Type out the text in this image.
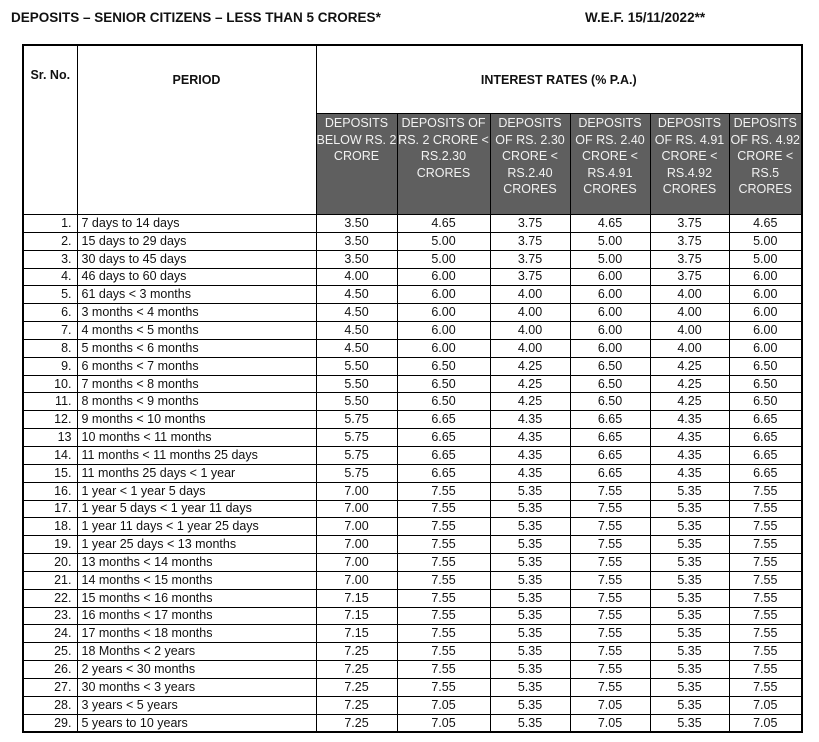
DEPOSITS – SENIOR CITIZENS – LESS THAN 5 CRORES*	W.E.F. 15/11/2022**
Sr. No.	PERIOD	INTEREST RATES (% P.A.)					
		DEPOSITS BELOW RS. 2 CRORE	DEPOSITS OF RS. 2 CRORE < RS.2.30 CRORES	DEPOSITS OF RS. 2.30 CRORE < RS.2.40 CRORES	DEPOSITS OF RS. 2.40 CRORE < RS.4.91 CRORES	DEPOSITS OF RS. 4.91 CRORE < RS.4.92 CRORES	DEPOSITS OF RS. 4.92 CRORE < RS.5 CRORES
1.	7 days to 14 days	3.50	4.65	3.75	4.65	3.75	4.65
2.	15 days to 29 days	3.50	5.00	3.75	5.00	3.75	5.00
3.	30 days to 45 days	3.50	5.00	3.75	5.00	3.75	5.00
4.	46 days to 60 days	4.00	6.00	3.75	6.00	3.75	6.00
5.	61 days < 3 months	4.50	6.00	4.00	6.00	4.00	6.00
6.	3 months < 4 months	4.50	6.00	4.00	6.00	4.00	6.00
7.	4 months < 5 months	4.50	6.00	4.00	6.00	4.00	6.00
8.	5 months < 6 months	4.50	6.00	4.00	6.00	4.00	6.00
9.	6 months < 7 months	5.50	6.50	4.25	6.50	4.25	6.50
10.	7 months < 8 months	5.50	6.50	4.25	6.50	4.25	6.50
11.	8 months < 9 months	5.50	6.50	4.25	6.50	4.25	6.50
12.	9 months < 10 months	5.75	6.65	4.35	6.65	4.35	6.65
13	10 months < 11 months	5.75	6.65	4.35	6.65	4.35	6.65
14.	11 months < 11 months 25 days	5.75	6.65	4.35	6.65	4.35	6.65
15.	11 months 25 days < 1 year	5.75	6.65	4.35	6.65	4.35	6.65
16.	1 year < 1 year 5 days	7.00	7.55	5.35	7.55	5.35	7.55
17.	1 year 5 days < 1 year 11 days	7.00	7.55	5.35	7.55	5.35	7.55
18.	1 year 11 days < 1 year 25 days	7.00	7.55	5.35	7.55	5.35	7.55
19.	1 year 25 days < 13 months	7.00	7.55	5.35	7.55	5.35	7.55
20.	13 months < 14 months	7.00	7.55	5.35	7.55	5.35	7.55
21.	14 months < 15 months	7.00	7.55	5.35	7.55	5.35	7.55
22.	15 months < 16 months	7.15	7.55	5.35	7.55	5.35	7.55
23.	16 months < 17 months	7.15	7.55	5.35	7.55	5.35	7.55
24.	17 months < 18 months	7.15	7.55	5.35	7.55	5.35	7.55
25.	18 Months < 2 years	7.25	7.55	5.35	7.55	5.35	7.55
26.	2 years < 30 months	7.25	7.55	5.35	7.55	5.35	7.55
27.	30 months < 3 years	7.25	7.55	5.35	7.55	5.35	7.55
28.	3 years < 5 years	7.25	7.05	5.35	7.05	5.35	7.05
29.	5 years to 10 years	7.25	7.05	5.35	7.05	5.35	7.05
